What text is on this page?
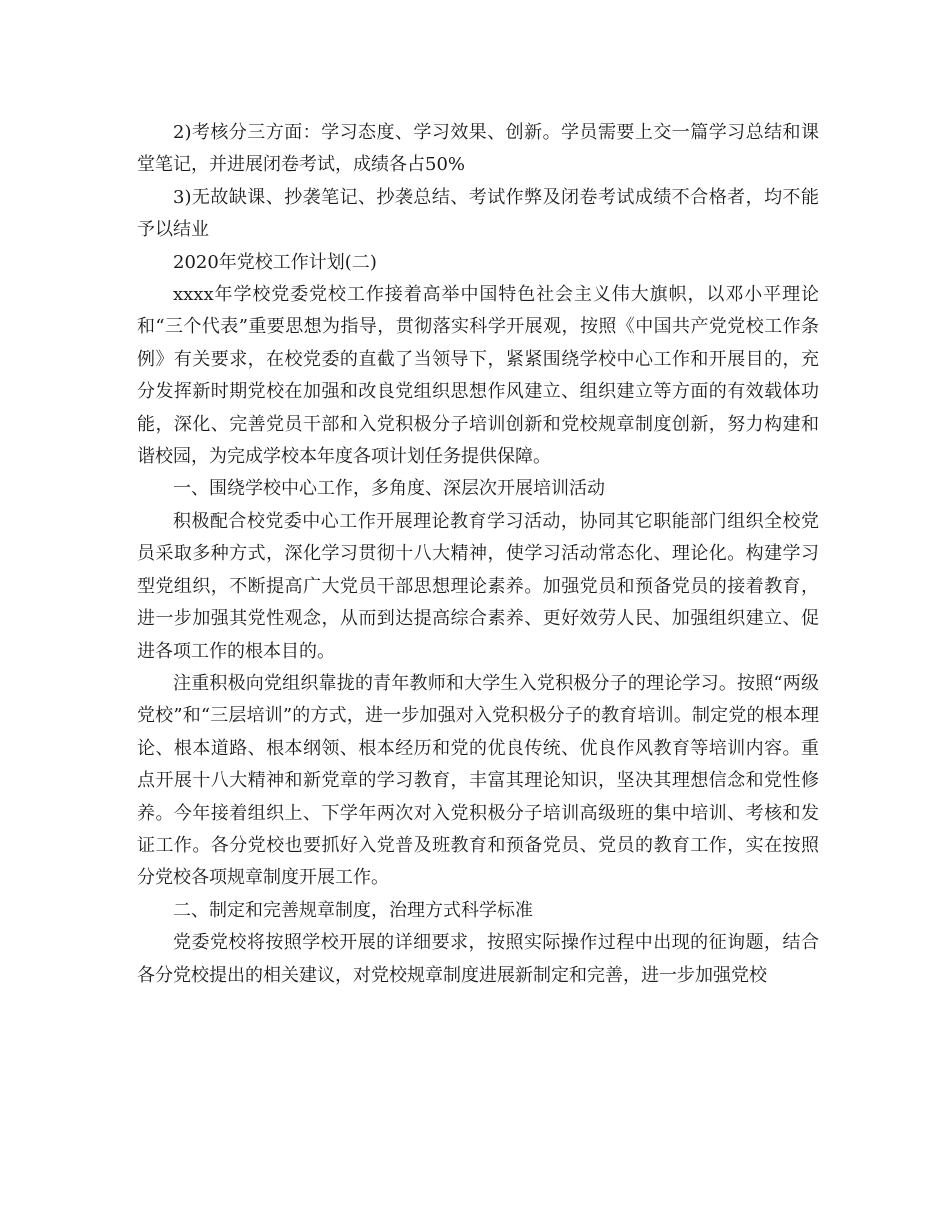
2)考核分三方面：学习态度、学习效果、创新。学员需要上交一篇学习总结和课堂笔记，并进展闭卷考试，成绩各占50%

3)无故缺课、抄袭笔记、抄袭总结、考试作弊及闭卷考试成绩不合格者，均不能予以结业

2020年党校工作计划(二)

xxxx年学校党委党校工作接着高举中国特色社会主义伟大旗帜，以邓小平理论和“三个代表”重要思想为指导，贯彻落实科学开展观，按照《中国共产党党校工作条例》有关要求，在校党委的直截了当领导下，紧紧围绕学校中心工作和开展目的，充分发挥新时期党校在加强和改良党组织思想作风建立、组织建立等方面的有效载体功能，深化、完善党员干部和入党积极分子培训创新和党校规章制度创新，努力构建和谐校园，为完成学校本年度各项计划任务提供保障。

一、围绕学校中心工作，多角度、深层次开展培训活动

积极配合校党委中心工作开展理论教育学习活动，协同其它职能部门组织全校党员采取多种方式，深化学习贯彻十八大精神，使学习活动常态化、理论化。构建学习型党组织，不断提高广大党员干部思想理论素养。加强党员和预备党员的接着教育，进一步加强其党性观念，从而到达提高综合素养、更好效劳人民、加强组织建立、促进各项工作的根本目的。

注重积极向党组织靠拢的青年教师和大学生入党积极分子的理论学习。按照“两级党校”和“三层培训”的方式，进一步加强对入党积极分子的教育培训。制定党的根本理论、根本道路、根本纲领、根本经历和党的优良传统、优良作风教育等培训内容。重点开展十八大精神和新党章的学习教育，丰富其理论知识，坚决其理想信念和党性修养。今年接着组织上、下学年两次对入党积极分子培训高级班的集中培训、考核和发证工作。各分党校也要抓好入党普及班教育和预备党员、党员的教育工作，实在按照分党校各项规章制度开展工作。

二、制定和完善规章制度，治理方式科学标准

党委党校将按照学校开展的详细要求，按照实际操作过程中出现的征询题，结合各分党校提出的相关建议，对党校规章制度进展新制定和完善，进一步加强党校
